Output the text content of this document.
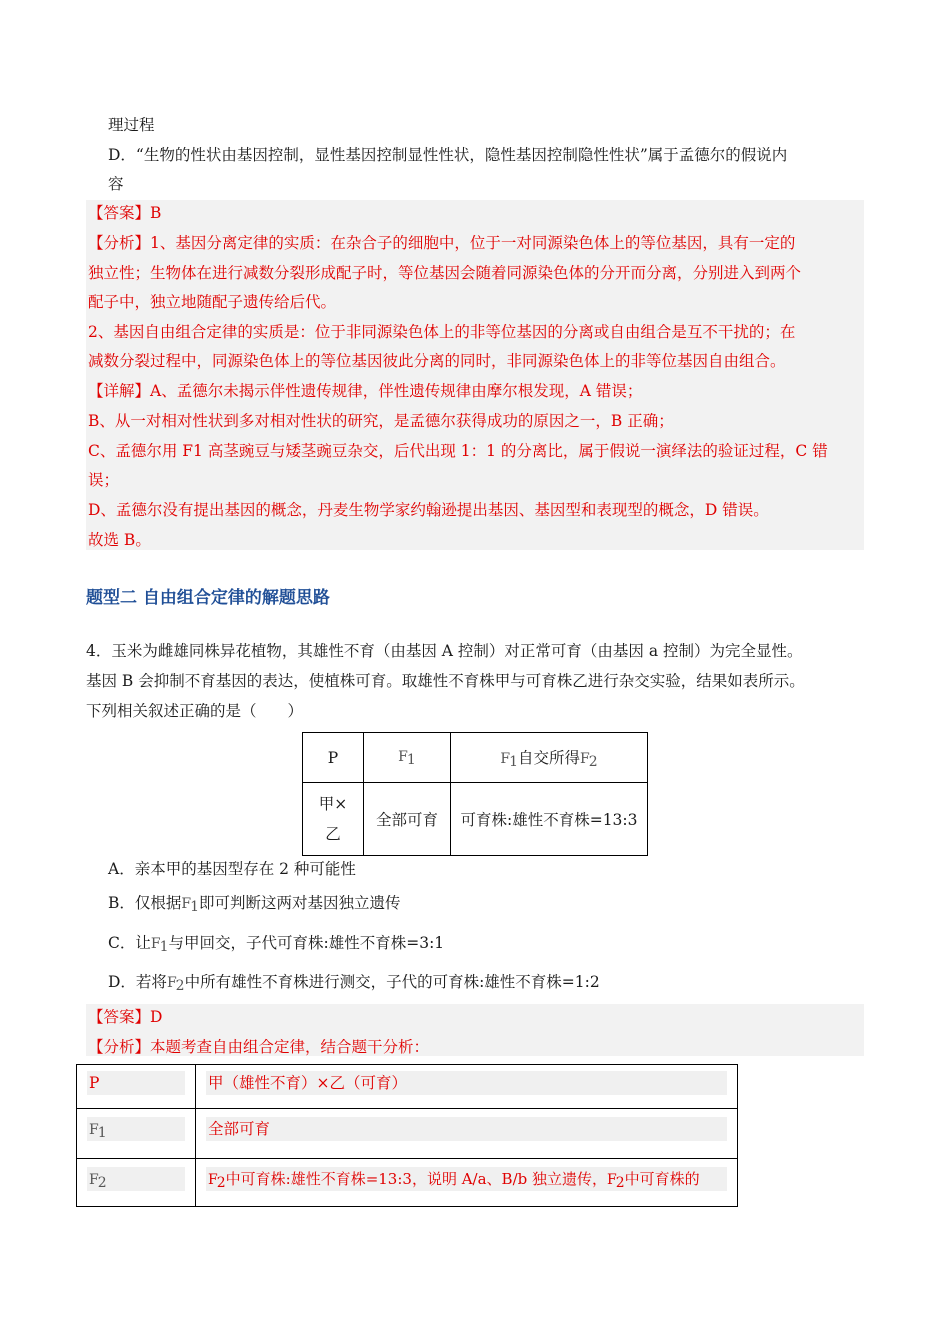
理过程
D．“生物的性状由基因控制，显性基因控制显性性状，隐性基因控制隐性性状”属于孟德尔的假说内
容
【答案】B
【分析】1、基因分离定律的实质：在杂合子的细胞中，位于一对同源染色体上的等位基因，具有一定的
独立性；生物体在进行减数分裂形成配子时，等位基因会随着同源染色体的分开而分离，分别进入到两个
配子中，独立地随配子遗传给后代。
2、基因自由组合定律的实质是：位于非同源染色体上的非等位基因的分离或自由组合是互不干扰的；在
减数分裂过程中，同源染色体上的等位基因彼此分离的同时，非同源染色体上的非等位基因自由组合。
【详解】A、孟德尔未揭示伴性遗传规律，伴性遗传规律由摩尔根发现，A 错误；
B、从一对相对性状到多对相对性状的研究，是孟德尔获得成功的原因之一，B 正确；
C、孟德尔用 F1 高茎豌豆与矮茎豌豆杂交，后代出现 1：1 的分离比，属于假说一演绎法的验证过程，C 错
误；
D、孟德尔没有提出基因的概念，丹麦生物学家约翰逊提出基因、基因型和表现型的概念，D 错误。
故选 B。
题型二 自由组合定律的解题思路
4．玉米为雌雄同株异花植物，其雄性不育（由基因 A 控制）对正常可育（由基因 a 控制）为完全显性。
基因 B 会抑制不育基因的表达，使植株可育。取雄性不育株甲与可育株乙进行杂交实验，结果如表所示。
下列相关叙述正确的是（　　）
P	F1	F1自交所得F2
甲×
乙	全部可育	可育株:雄性不育株=13:3
A．亲本甲的基因型存在 2 种可能性
B．仅根据F1即可判断这两对基因独立遗传
C．让F1与甲回交，子代可育株:雄性不育株=3:1
D．若将F2中所有雄性不育株进行测交，子代的可育株:雄性不育株=1:2
【答案】D
【分析】本题考查自由组合定律，结合题干分析：
P	甲（雄性不育）×乙（可育）

F1	全部可育

F2	F2中可育株:雄性不育株=13:3，说明 A/a、B/b 独立遗传，F2中可育株的
